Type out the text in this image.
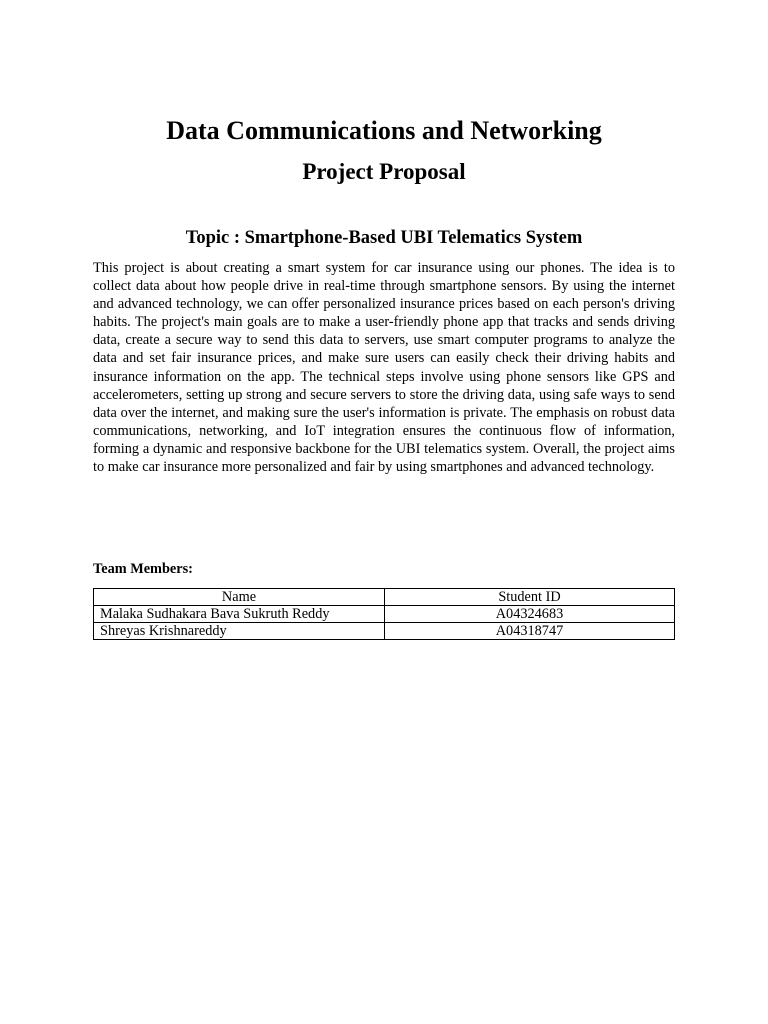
Data Communications and Networking
Project Proposal
Topic : Smartphone-Based UBI Telematics System

This project is about creating a smart system for car insurance using our phones. The idea is to collect data about how people drive in real-time through smartphone sensors. By using the internet and advanced technology, we can offer personalized insurance prices based on each person's driving habits. The project's main goals are to make a user-friendly phone app that tracks and sends driving data, create a secure way to send this data to servers, use smart computer programs to analyze the data and set fair insurance prices, and make sure users can easily check their driving habits and insurance information on the app. The technical steps involve using phone sensors like GPS and accelerometers, setting up strong and secure servers to store the driving data, using safe ways to send data over the internet, and making sure the user's information is private. The emphasis on robust data communications, networking, and IoT integration ensures the continuous flow of information, forming a dynamic and responsive backbone for the UBI telematics system. Overall, the project aims to make car insurance more personalized and fair by using smartphones and advanced technology.

Team Members:
Name	Student ID
Malaka Sudhakara Bava Sukruth Reddy	A04324683
Shreyas Krishnareddy	A04318747
